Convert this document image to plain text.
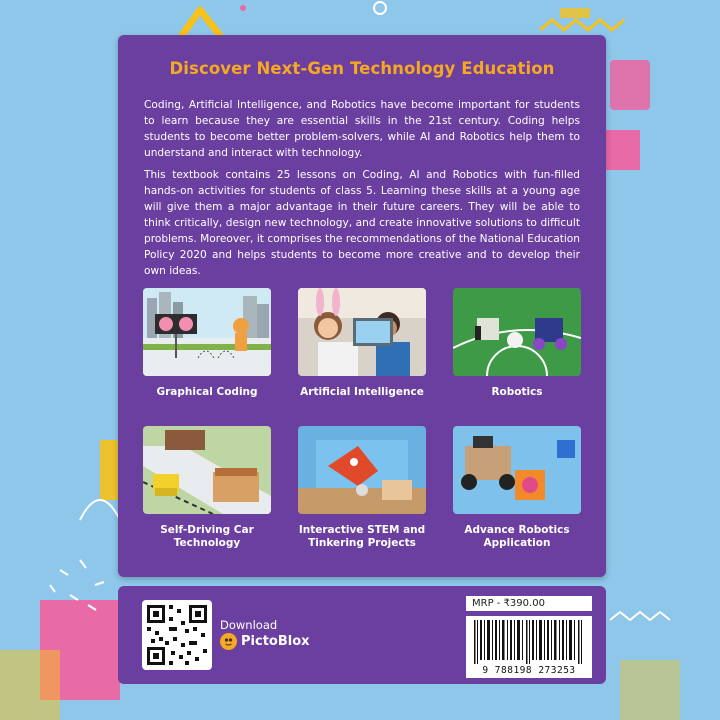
Discover Next-Gen Technology Education

Coding, Artificial Intelligence, and Robotics have become important for students to learn because they are essential skills in the 21st century. Coding helps students to become better problem-solvers, while AI and Robotics help them to understand and interact with technology.

This textbook contains 25 lessons on Coding, AI and Robotics with fun-filled hands-on activities for students of class 5. Learning these skills at a young age will give them a major advantage in their future careers. They will be able to think critically, design new technology, and create innovative solutions to difficult problems. Moreover, it comprises the recommendations of the National Education Policy 2020 and helps students to become more creative and to develop their own ideas.

Graphical Coding	Artificial Intelligence	Robotics
Self-Driving Car
Technology
Interactive STEM and
Tinkering Projects
Advance Robotics
Application
Download
PictoBlox
MRP - ₹390.00
9 788198 273253
